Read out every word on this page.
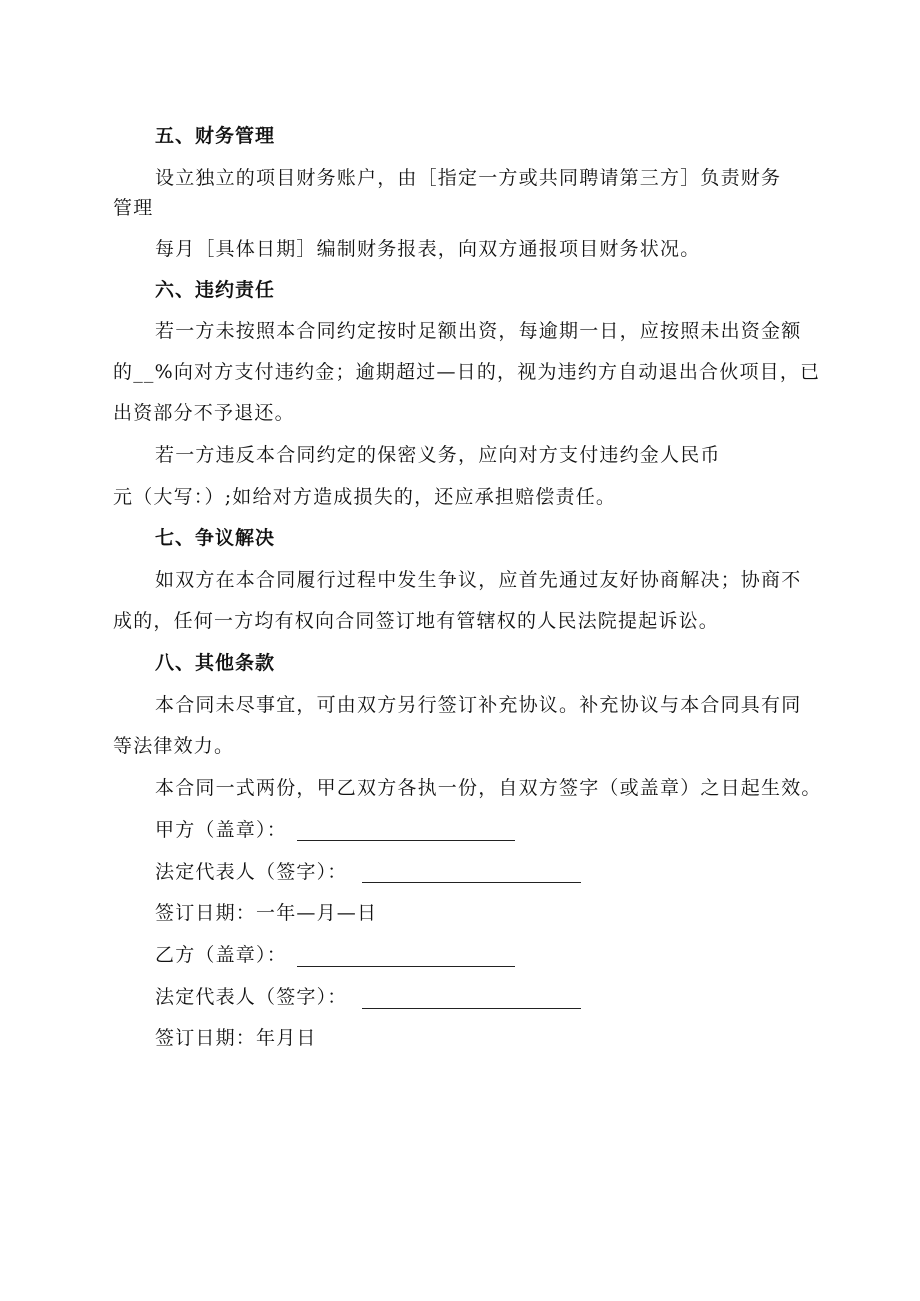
五、财务管理
设立独立的项目财务账户，由［指定一方或共同聘请第三方］负责财务
管理
每月［具体日期］编制财务报表，向双方通报项目财务状况。
六、违约责任
若一方未按照本合同约定按时足额出资，每逾期一日，应按照未出资金额
的__%向对方支付违约金；逾期超过—日的，视为违约方自动退出合伙项目，已
出资部分不予退还。
若一方违反本合同约定的保密义务，应向对方支付违约金人民币
元（大写：）;如给对方造成损失的，还应承担赔偿责任。
七、争议解决
如双方在本合同履行过程中发生争议，应首先通过友好协商解决；协商不
成的，任何一方均有权向合同签订地有管辖权的人民法院提起诉讼。
八、其他条款
本合同未尽事宜，可由双方另行签订补充协议。补充协议与本合同具有同
等法律效力。
本合同一式两份，甲乙双方各执一份，自双方签字（或盖章）之日起生效。
甲方（盖章）：
法定代表人（签字）：
签订日期：一年—月—日
乙方（盖章）：
法定代表人（签字）：
签订日期：年月日
